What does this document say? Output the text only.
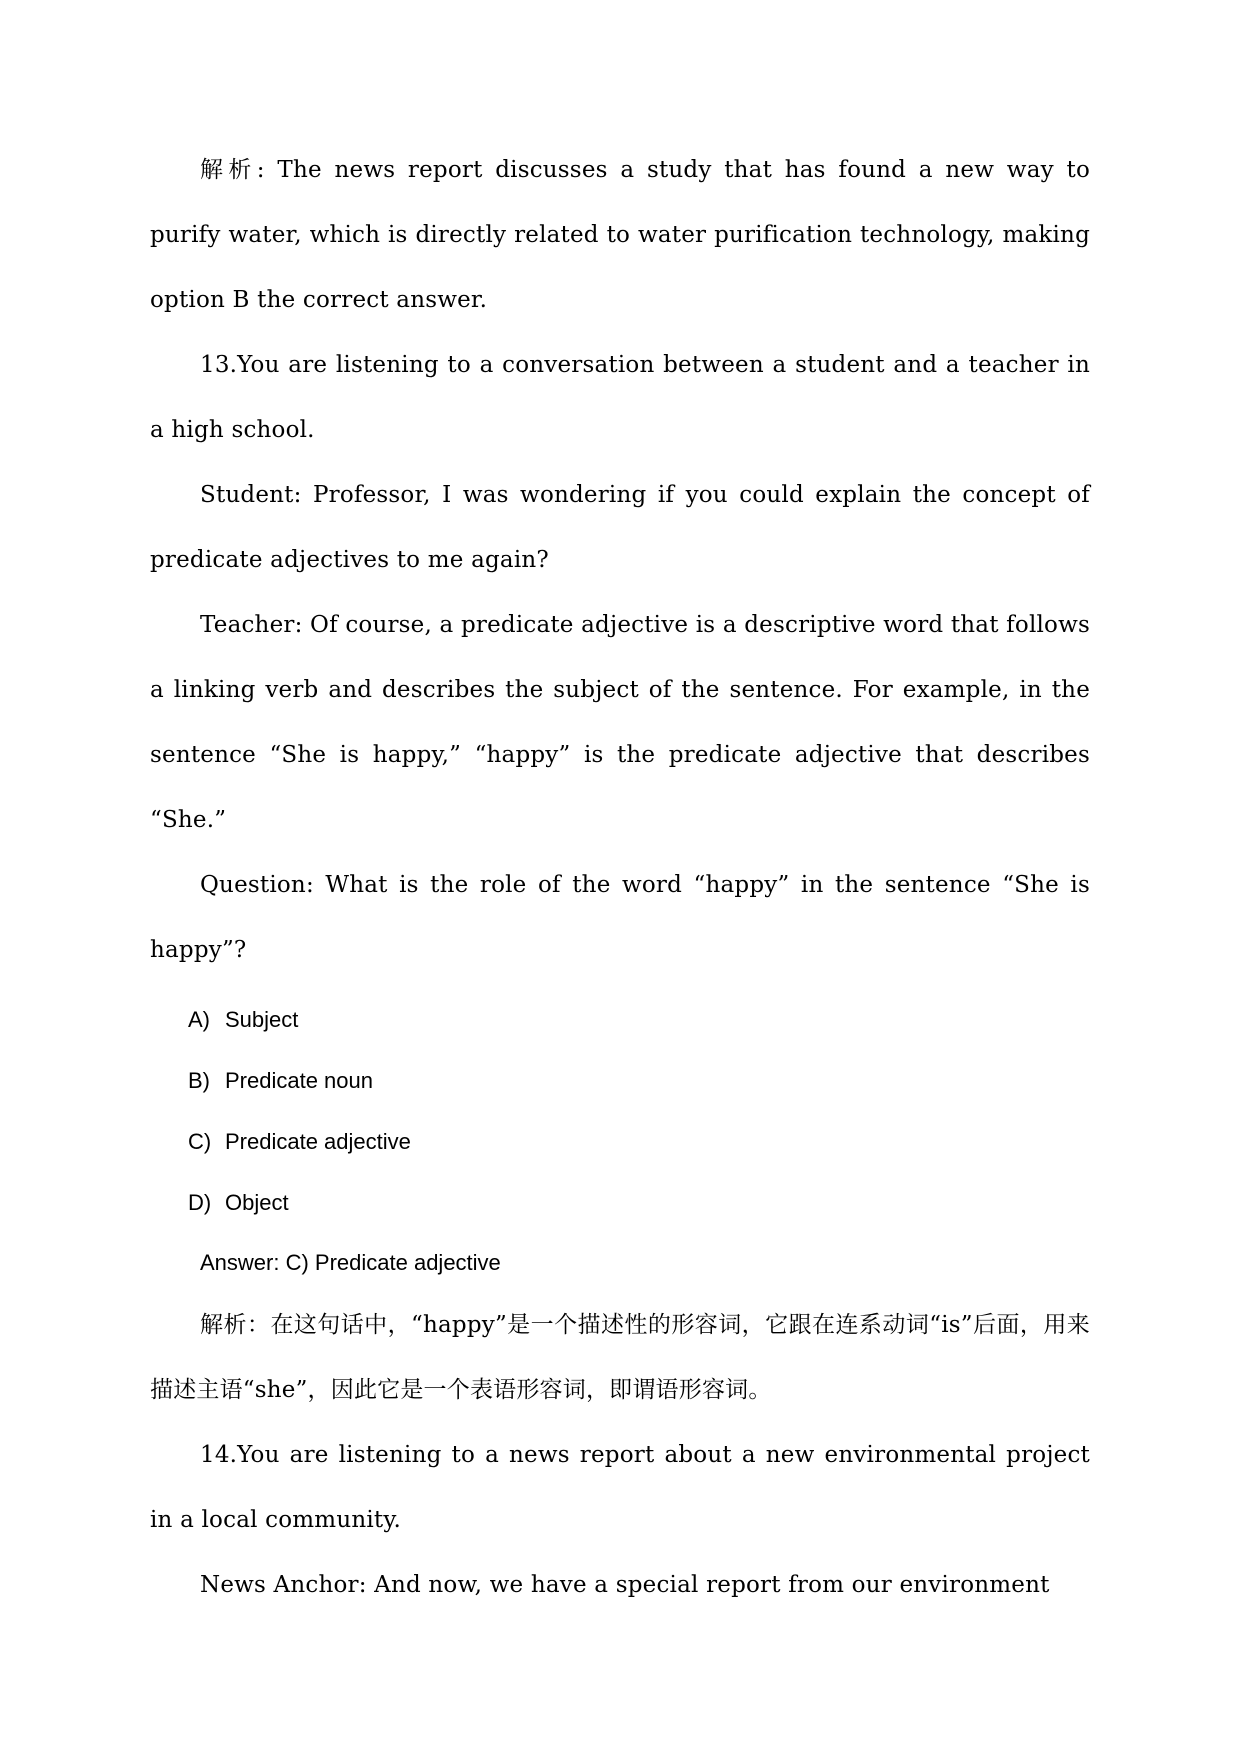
解析: The news report discusses a study that has found a new way to purify water, which is directly related to water purification technology, making option B the correct answer.

13.You are listening to a conversation between a student and a teacher in a high school.

Student: Professor, I was wondering if you could explain the concept of predicate adjectives to me again?

Teacher: Of course, a predicate adjective is a descriptive word that follows a linking verb and describes the subject of the sentence. For example, in the sentence “She is happy,” “happy” is the predicate adjective that describes “She.”

Question: What is the role of the word “happy” in the sentence “She is happy”?

A) Subject
B) Predicate noun
C) Predicate adjective
D) Object

Answer: C) Predicate adjective

解析：在这句话中，“happy”是一个描述性的形容词，它跟在连系动词“is”后面，用来描述主语“she”，因此它是一个表语形容词，即谓语形容词。

14.You are listening to a news report about a new environmental project in a local community.

News Anchor: And now, we have a special report from our environment
